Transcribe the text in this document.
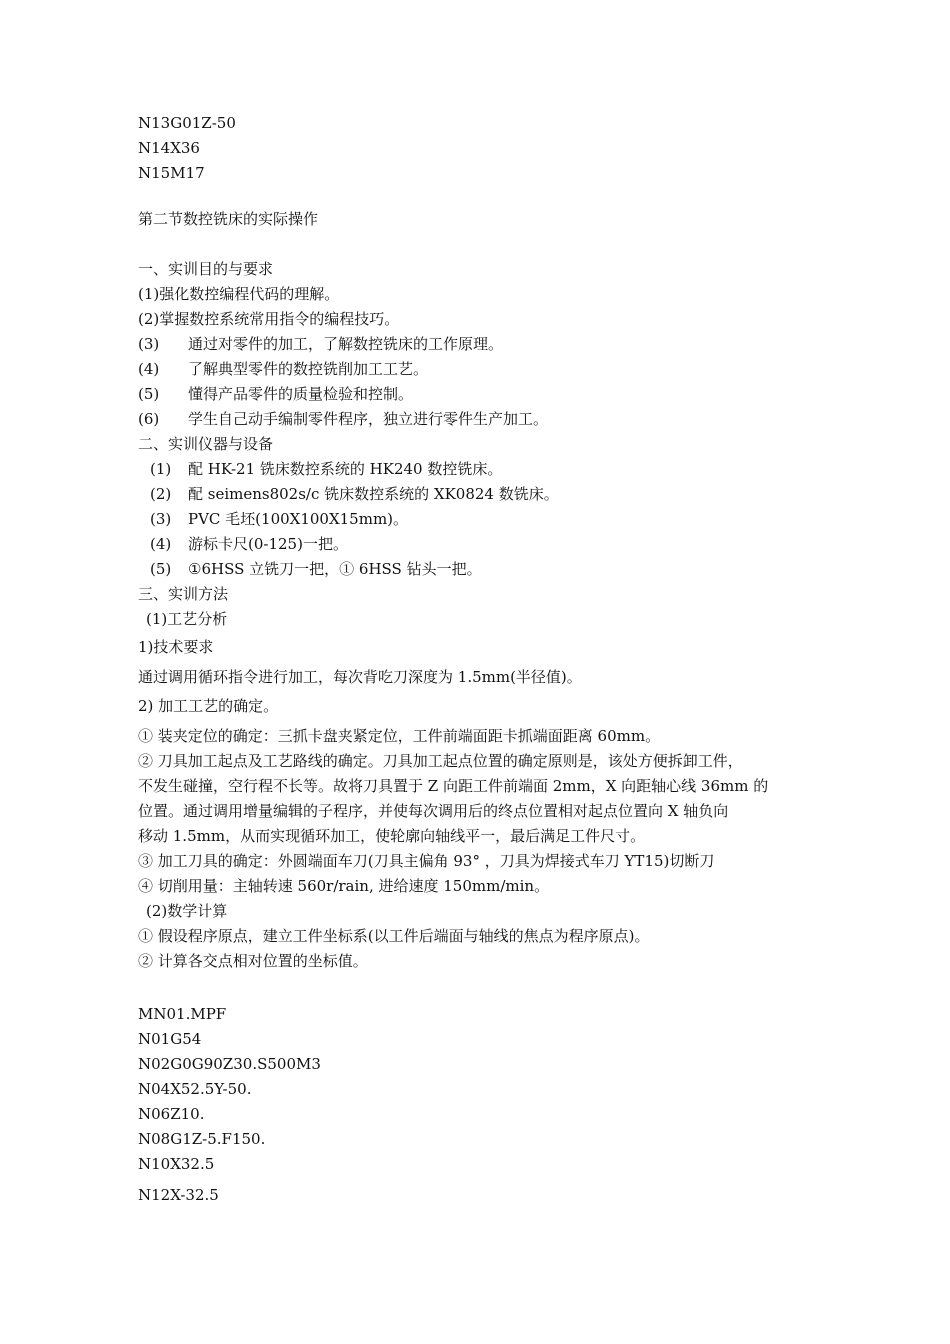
N13G01Z-50
N14X36
N15M17
第二节数控铣床的实际操作
一、实训目的与要求
(1)强化数控编程代码的理解。
(2)掌握数控系统常用指令的编程技巧。
(3) 通过对零件的加工，了解数控铣床的工作原理。
(4) 了解典型零件的数控铣削加工工艺。
(5) 懂得产品零件的质量检验和控制。
(6) 学生自己动手编制零件程序，独立进行零件生产加工。
二、实训仪器与设备
(1) 配 HK-21 铣床数控系统的 HK240 数控铣床。
(2) 配 seimens802s/c 铣床数控系统的 XK0824 数铣床。
(3) PVC 毛坯(100X100X15mm)。
(4) 游标卡尺(0-125)一把。
(5) ①6HSS 立铣刀一把，① 6HSS 钻头一把。
三、实训方法
(1)工艺分析
1)技术要求
通过调用循环指令进行加工，每次背吃刀深度为 1.5mm(半径值)。
2) 加工工艺的确定。
① 装夹定位的确定：三抓卡盘夹紧定位，工件前端面距卡抓端面距离 60mm。
② 刀具加工起点及工艺路线的确定。刀具加工起点位置的确定原则是，该处方便拆卸工件，
不发生碰撞，空行程不长等。故将刀具置于 Z 向距工件前端面 2mm，X 向距轴心线 36mm 的
位置。通过调用增量编辑的子程序，并使每次调用后的终点位置相对起点位置向 X 轴负向
移动 1.5mm，从而实现循环加工，使轮廓向轴线平一，最后满足工件尺寸。
③ 加工刀具的确定：外圆端面车刀(刀具主偏角 93° ，刀具为焊接式车刀 YT15)切断刀
④ 切削用量：主轴转速 560r/rain, 进给速度 150mm/min。
(2)数学计算
① 假设程序原点，建立工件坐标系(以工件后端面与轴线的焦点为程序原点)。
② 计算各交点相对位置的坐标值。
MN01.MPF
N01G54
N02G0G90Z30.S500M3
N04X52.5Y-50.
N06Z10.
N08G1Z-5.F150.
N10X32.5
N12X-32.5
